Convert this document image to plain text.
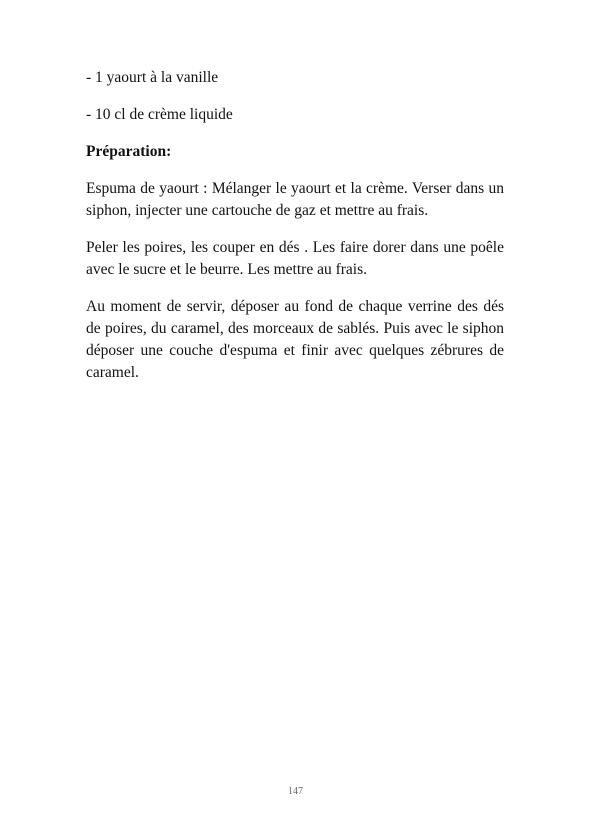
- 1 yaourt à la vanille

- 10 cl de crème liquide

Préparation:

Espuma de yaourt : Mélanger le yaourt et la crème. Verser dans un siphon, injecter une cartouche de gaz et mettre au frais.

Peler les poires, les couper en dés . Les faire dorer dans une poêle avec le sucre et le beurre. Les mettre au frais.

Au moment de servir, déposer au fond de chaque verrine des dés de poires, du caramel, des morceaux de sablés. Puis avec le siphon déposer une couche d'espuma et finir avec quelques zébrures de caramel.

147
